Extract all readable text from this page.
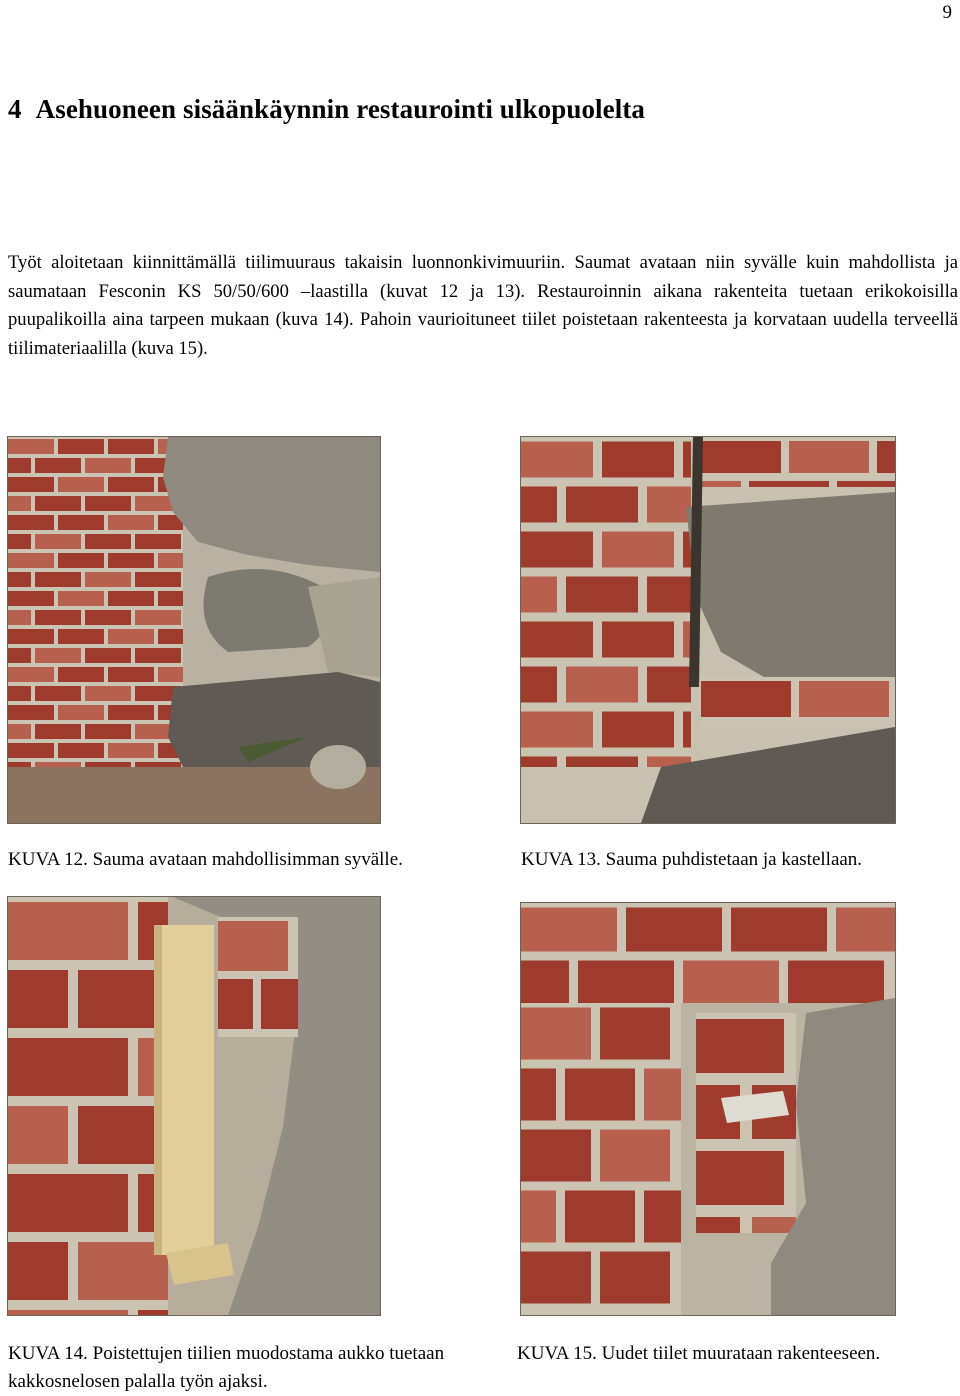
9
4 Asehuoneen sisäänkäynnin restaurointi ulkopuolelta

Työt aloitetaan kiinnittämällä tiilimuuraus takaisin luonnonkivimuuriin. Saumat avataan niin syvälle kuin mahdollista ja saumataan Fesconin KS 50/50/600 –laastilla (kuvat 12 ja 13). Restauroinnin aikana rakenteita tuetaan erikokoisilla puupalikoilla aina tarpeen mukaan (kuva 14). Pahoin vaurioituneet tiilet poistetaan rakenteesta ja korvataan uudella terveellä tiilimateriaalilla (kuva 15).

KUVA 12. Sauma avataan mahdollisimman syvälle.	KUVA 13. Sauma puhdistetaan ja kastellaan.

KUVA 14. Poistettujen tiilien muodostama aukko tuetaan kakkosnelosen palalla työn ajaksi.

KUVA 15. Uudet tiilet muurataan rakenteeseen.
